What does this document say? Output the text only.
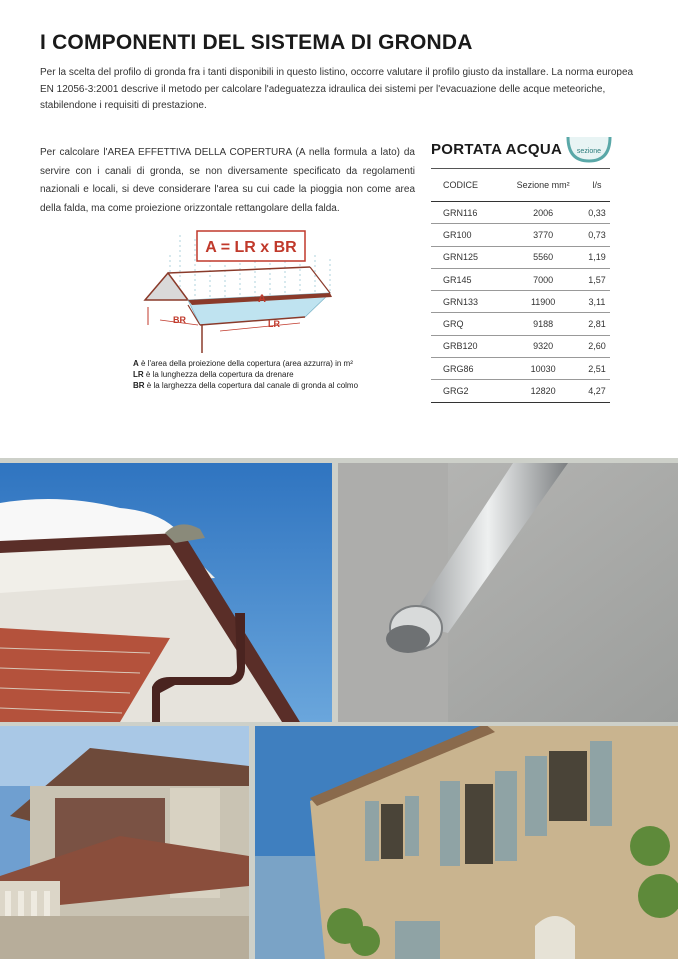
I COMPONENTI DEL SISTEMA DI GRONDA
Per la scelta del profilo di gronda fra i tanti disponibili in questo listino, occorre valutare il profilo giusto da installare. La norma europea EN 12056-3:2001 descrive il metodo per calcolare l'adeguatezza idraulica dei sistemi per l'evacuazione delle acque meteoriche, stabilendone i requisiti di prestazione.
Per calcolare l'AREA EFFETTIVA DELLA COPERTURA (A nella formula a lato) da servire con i canali di gronda, se non diversamente specificato da regolamenti nazionali e locali, si deve considerare l'area su cui cade la pioggia non come area della falda, ma come proiezione orizzontale rettangolare della falda.
A = LR x BR
A
BR	LR
A è l'area della proiezione della copertura (area azzurra) in m²
LR è la lunghezza della copertura da drenare
BR è la larghezza della copertura dal canale di gronda al colmo
PORTATA ACQUA sezione
CODICE	Sezione mm²	l/s
GRN116	2006	0,33
GR100	3770	0,73
GRN125	5560	1,19
GR145	7000	1,57
GRN133	11900	3,11
GRQ	9188	2,81
GRB120	9320	2,60
GRG86	10030	2,51
GRG2	12820	4,27
